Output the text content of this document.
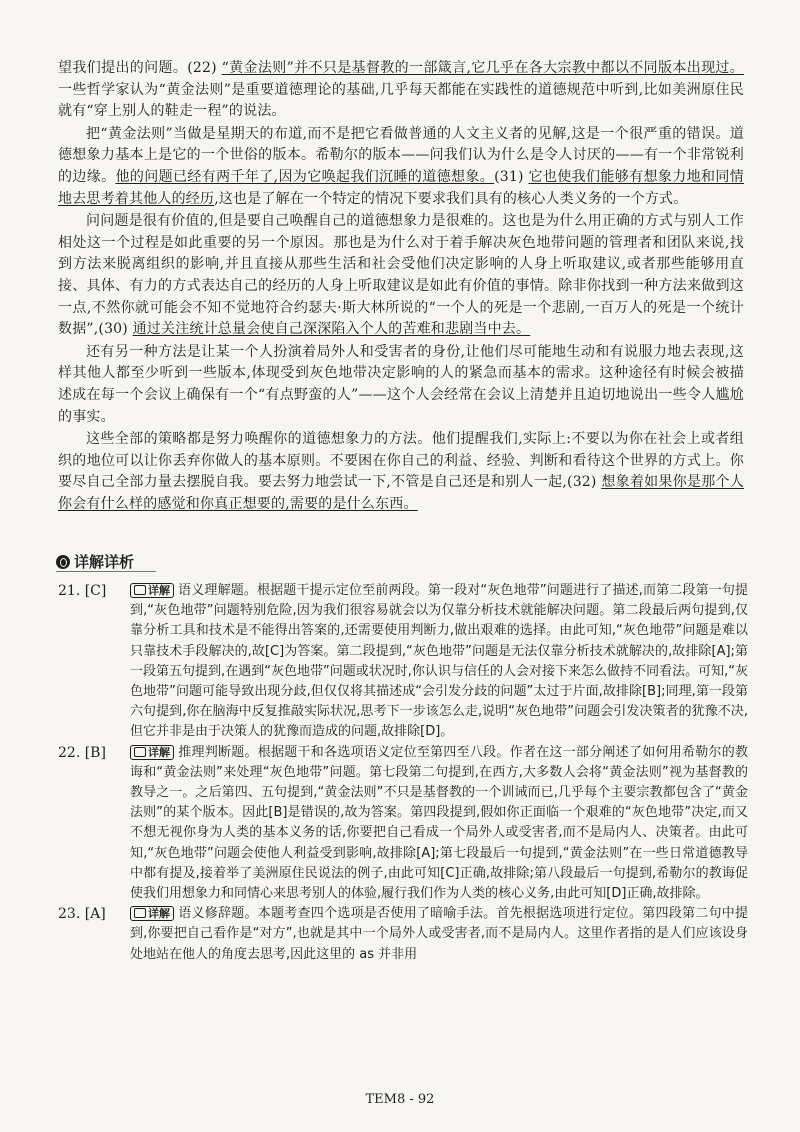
望我们提出的问题。(22) “黄金法则”并不只是基督教的一部箴言,它几乎在各大宗教中都以不同版本出现过。一些哲学家认为“黄金法则”是重要道德理论的基础,几乎每天都能在实践性的道德规范中听到,比如美洲原住民就有“穿上别人的鞋走一程”的说法。

把“黄金法则”当做是星期天的布道,而不是把它看做普通的人文主义者的见解,这是一个很严重的错误。道德想象力基本上是它的一个世俗的版本。希勒尔的版本——问我们认为什么是令人讨厌的——有一个非常锐利的边缘。他的问题已经有两千年了,因为它唤起我们沉睡的道德想象。(31) 它也使我们能够有想象力地和同情地去思考着其他人的经历,这也是了解在一个特定的情况下要求我们具有的核心人类义务的一个方式。

问问题是很有价值的,但是要自己唤醒自己的道德想象力是很难的。这也是为什么用正确的方式与别人工作相处这一个过程是如此重要的另一个原因。那也是为什么对于着手解决灰色地带问题的管理者和团队来说,找到方法来脱离组织的影响,并且直接从那些生活和社会受他们决定影响的人身上听取建议,或者那些能够用直接、具体、有力的方式表达自己的经历的人身上听取建议是如此有价值的事情。除非你找到一种方法来做到这一点,不然你就可能会不知不觉地符合约瑟夫·斯大林所说的“一个人的死是一个悲剧,一百万人的死是一个统计数据”,(30) 通过关注统计总量会使自己深深陷入个人的苦难和悲剧当中去。

还有另一种方法是让某一个人扮演着局外人和受害者的身份,让他们尽可能地生动和有说服力地去表现,这样其他人都至少听到一些版本,体现受到灰色地带决定影响的人的紧急而基本的需求。这种途径有时候会被描述成在每一个会议上确保有一个“有点野蛮的人”——这个人会经常在会议上清楚并且迫切地说出一些令人尴尬的事实。

这些全部的策略都是努力唤醒你的道德想象力的方法。他们提醒我们,实际上:不要以为你在社会上或者组织的地位可以让你丢弃你做人的基本原则。不要困在你自己的利益、经验、判断和看待这个世界的方式上。你要尽自己全部力量去摆脱自我。要去努力地尝试一下,不管是自己还是和别人一起,(32) 想象着如果你是那个人你会有什么样的感觉和你真正想要的,需要的是什么东西。

详解详析
21. [C]	详解 语义理解题。根据题干提示定位至前两段。第一段对“灰色地带”问题进行了描述,而第二段第一句提到,“灰色地带”问题特别危险,因为我们很容易就会以为仅靠分析技术就能解决问题。第二段最后两句提到,仅靠分析工具和技术是不能得出答案的,还需要使用判断力,做出艰难的选择。由此可知,“灰色地带”问题是难以只靠技术手段解决的,故[C]为答案。第二段提到,“灰色地带”问题是无法仅靠分析技术就解决的,故排除[A];第一段第五句提到,在遇到“灰色地带”问题或状况时,你认识与信任的人会对接下来怎么做持不同看法。可知,“灰色地带”问题可能导致出现分歧,但仅仅将其描述成“会引发分歧的问题”太过于片面,故排除[B];同理,第一段第六句提到,你在脑海中反复推敲实际状况,思考下一步该怎么走,说明“灰色地带”问题会引发决策者的犹豫不决,但它并非是由于决策人的犹豫而造成的问题,故排除[D]。
22. [B]	详解 推理判断题。根据题干和各选项语义定位至第四至八段。作者在这一部分阐述了如何用希勒尔的教诲和“黄金法则”来处理“灰色地带”问题。第七段第二句提到,在西方,大多数人会将“黄金法则”视为基督教的教导之一。之后第四、五句提到,“黄金法则”不只是基督教的一个训诫而已,几乎每个主要宗教都包含了“黄金法则”的某个版本。因此[B]是错误的,故为答案。第四段提到,假如你正面临一个艰难的“灰色地带”决定,而又不想无视你身为人类的基本义务的话,你要把自己看成一个局外人或受害者,而不是局内人、决策者。由此可知,“灰色地带”问题会使他人利益受到影响,故排除[A];第七段最后一句提到,“黄金法则”在一些日常道德教导中都有提及,接着举了美洲原住民说法的例子,由此可知[C]正确,故排除;第八段最后一句提到,希勒尔的教诲促使我们用想象力和同情心来思考别人的体验,履行我们作为人类的核心义务,由此可知[D]正确,故排除。
23. [A]	详解 语义修辞题。本题考查四个选项是否使用了暗喻手法。首先根据选项进行定位。第四段第二句中提到,你要把自己看作是“对方”,也就是其中一个局外人或受害者,而不是局内人。这里作者指的是人们应该设身处地站在他人的角度去思考,因此这里的 as 并非用
TEM8 - 92
